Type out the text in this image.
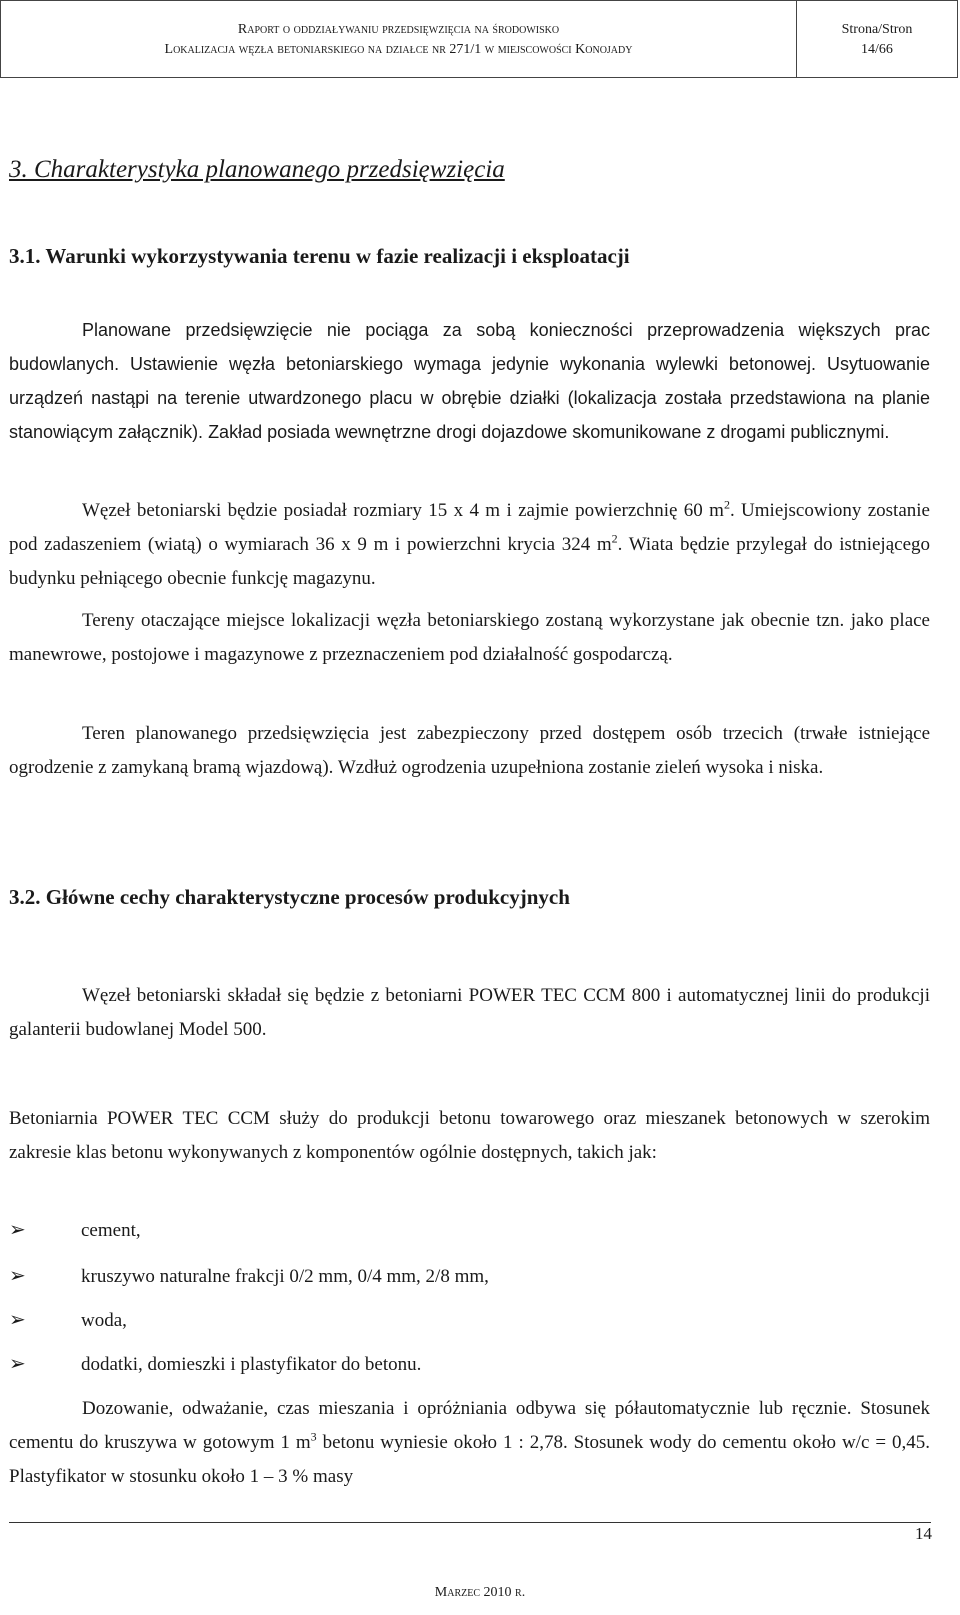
Raport o oddziaływaniu przedsięwzięcia na środowisko
Lokalizacja węzła betoniarskiego na działce nr 271/1 w miejscowości Konojady
Strona/Stron
14/66
3. Charakterystyka planowanego przedsięwzięcia
3.1. Warunki wykorzystywania terenu w fazie realizacji i eksploatacji
Planowane przedsięwzięcie nie pociąga za sobą konieczności przeprowadzenia większych prac budowlanych. Ustawienie węzła betoniarskiego wymaga jedynie wykonania wylewki betonowej. Usytuowanie urządzeń nastąpi na terenie utwardzonego placu w obrębie działki (lokalizacja została przedstawiona na planie stanowiącym załącznik). Zakład posiada wewnętrzne drogi dojazdowe skomunikowane z drogami publicznymi.
Węzeł betoniarski będzie posiadał rozmiary 15 x 4 m i zajmie powierzchnię 60 $m^2$. Umiejscowiony zostanie pod zadaszeniem (wiatą) o wymiarach 36 x 9 m i powierzchni krycia 324 $m^2$. Wiata będzie przylegał do istniejącego budynku pełniącego obecnie funkcję magazynu.
Tereny otaczające miejsce lokalizacji węzła betoniarskiego zostaną wykorzystane jak obecnie tzn. jako place manewrowe, postojowe i magazynowe z przeznaczeniem pod działalność gospodarczą.
Teren planowanego przedsięwzięcia jest zabezpieczony przed dostępem osób trzecich (trwałe istniejące ogrodzenie z zamykaną bramą wjazdową). Wzdłuż ogrodzenia uzupełniona zostanie zieleń wysoka i niska.
3.2. Główne cechy charakterystyczne procesów produkcyjnych
Węzeł betoniarski składał się będzie z betoniarni POWER TEC CCM 800 i automatycznej linii do produkcji galanterii budowlanej Model 500.
Betoniarnia POWER TEC CCM służy do produkcji betonu towarowego oraz mieszanek betonowych w szerokim zakresie klas betonu wykonywanych z komponentów ogólnie dostępnych, takich jak:
➢	cement,
➢	kruszywo naturalne frakcji 0/2 mm, 0/4 mm, 2/8 mm,
➢	woda,
➢	dodatki, domieszki i plastyfikator do betonu.
Dozowanie, odważanie, czas mieszania i opróżniania odbywa się półautomatycznie lub ręcznie. Stosunek cementu do kruszywa w gotowym 1 $m^3$ betonu wyniesie około 1 : 2,78. Stosunek wody do cementu około w/c = 0,45. Plastyfikator w stosunku około 1 – 3 % masy
14
Marzec 2010 r.
